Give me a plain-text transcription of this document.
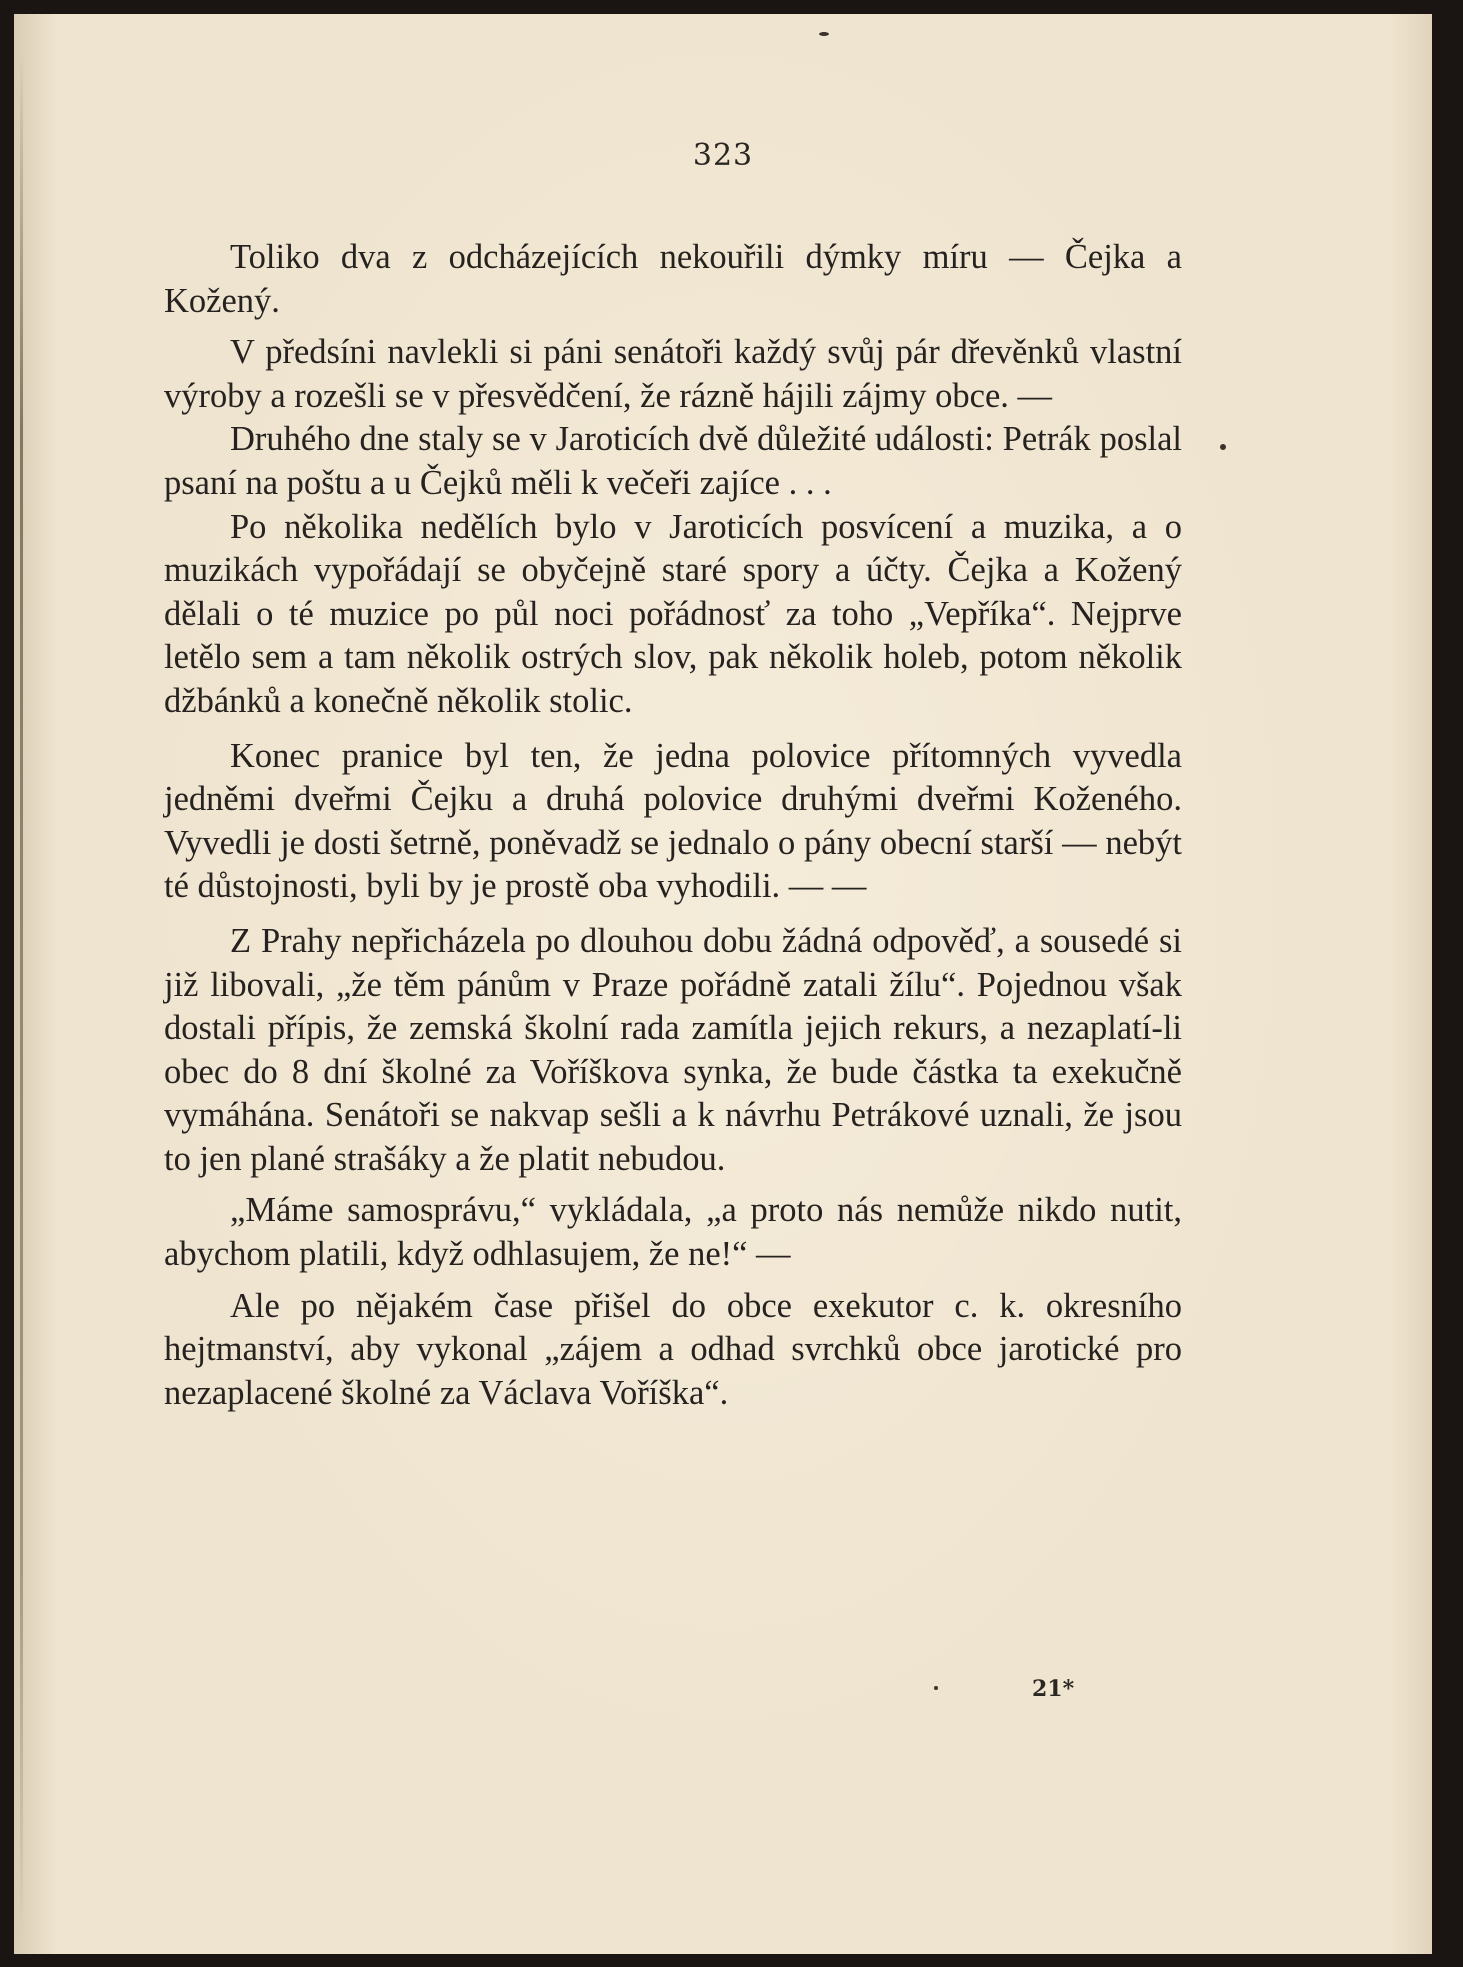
323

Toliko dva z odcházejících nekouřili dýmky míru — Čejka a Kožený.

V předsíni navlekli si páni senátoři každý svůj pár dřevěnků vlastní výroby a rozešli se v přesvědčení, že rázně hájili zájmy obce. —

Druhého dne staly se v Jaroticích dvě důležité události: Petrák poslal psaní na poštu a u Čejků měli k večeři zajíce . . .

Po několika nedělích bylo v Jaroticích posvícení a muzika, a o muzikách vypořádají se obyčejně staré spory a účty. Čejka a Kožený dělali o té muzice po půl noci pořádnosť za toho „Vepříka“. Nejprve letělo sem a tam několik ostrých slov, pak několik holeb, potom několik džbánků a konečně několik stolic.

Konec pranice byl ten, že jedna polovice přítomných vyvedla jedněmi dveřmi Čejku a druhá polovice druhými dveřmi Koženého. Vyvedli je dosti šetrně, poněvadž se jednalo o pány obecní starší — nebýt té důstojnosti, byli by je prostě oba vyhodili. — —

Z Prahy nepřicházela po dlouhou dobu žádná odpověď, a sousedé si již libovali, „že těm pánům v Praze pořádně zatali žílu“. Pojednou však dostali přípis, že zemská školní rada zamítla jejich rekurs, a nezaplatí-li obec do 8 dní školné za Voříškova synka, že bude částka ta exekučně vymáhána. Senátoři se nakvap sešli a k návrhu Petrákové uznali, že jsou to jen plané strašáky a že platit nebudou.

„Máme samosprávu,“ vykládala, „a proto nás nemůže nikdo nutit, abychom platili, když odhlasujem, že ne!“ —

Ale po nějakém čase přišel do obce exekutor c. k. okresního hejtmanství, aby vykonal „zájem a odhad svrchků obce jarotické pro nezaplacené školné za Václava Voříška“.

21*
